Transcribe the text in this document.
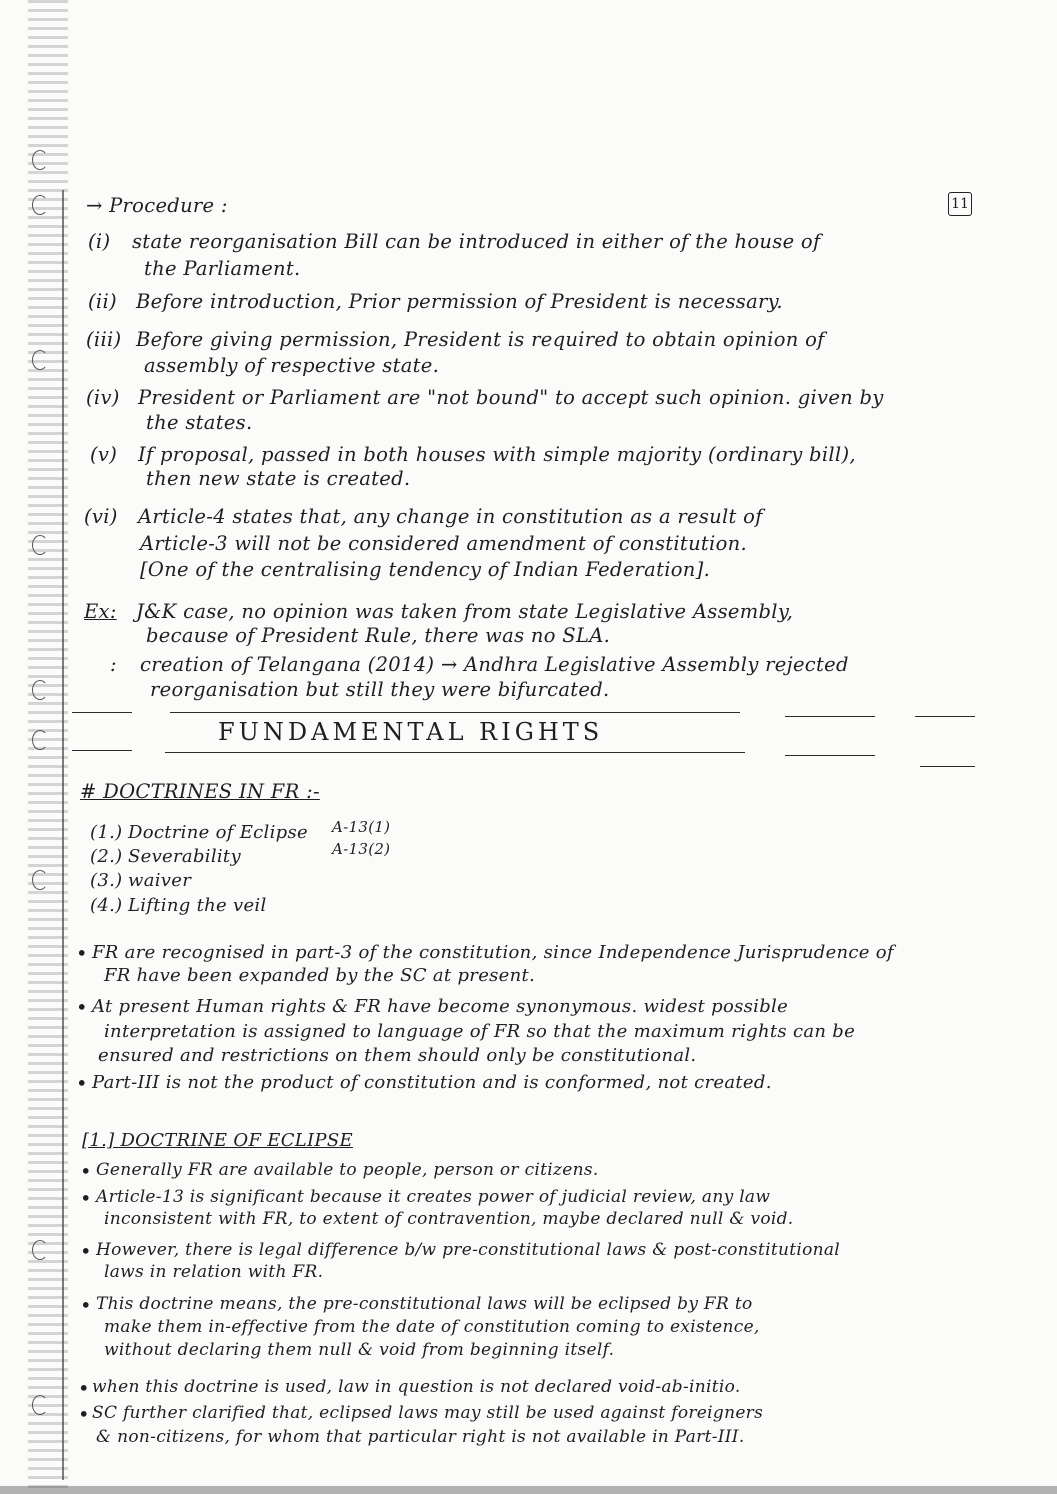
11
→ Procedure :
(i) state reorganisation Bill can be introduced in either of the house of
the Parliament.
(ii) Before introduction, Prior permission of President is necessary.
(iii) Before giving permission, President is required to obtain opinion of
assembly of respective state.
(iv) President or Parliament are "not bound" to accept such opinion. given by
the states.
(v) If proposal, passed in both houses with simple majority (ordinary bill),
then new state is created.
(vi) Article-4 states that, any change in constitution as a result of
Article-3 will not be considered amendment of constitution.
[One of the centralising tendency of Indian Federation].
Ex: J&K case, no opinion was taken from state Legislative Assembly,
because of President Rule, there was no SLA.
: creation of Telangana (2014) → Andhra Legislative Assembly rejected
reorganisation but still they were bifurcated.
FUNDAMENTAL RIGHTS
# DOCTRINES IN FR :-
(1.) Doctrine of Eclipse A-13(1)
(2.) Severability	A-13(2)
(3.) waiver
(4.) Lifting the veil
• FR are recognised in part-3 of the constitution, since Independence Jurisprudence of
FR have been expanded by the SC at present.
• At present Human rights & FR have become synonymous. widest possible
interpretation is assigned to language of FR so that the maximum rights can be
ensured and restrictions on them should only be constitutional.
• Part-III is not the product of constitution and is conformed, not created.
[1.] DOCTRINE OF ECLIPSE
• Generally FR are available to people, person or citizens.
• Article-13 is significant because it creates power of judicial review, any law
inconsistent with FR, to extent of contravention, maybe declared null & void.
• However, there is legal difference b/w pre-constitutional laws & post-constitutional
laws in relation with FR.
• This doctrine means, the pre-constitutional laws will be eclipsed by FR to
make them in-effective from the date of constitution coming to existence,
without declaring them null & void from beginning itself.
• when this doctrine is used, law in question is not declared void-ab-initio.
• SC further clarified that, eclipsed laws may still be used against foreigners
& non-citizens, for whom that particular right is not available in Part-III.
